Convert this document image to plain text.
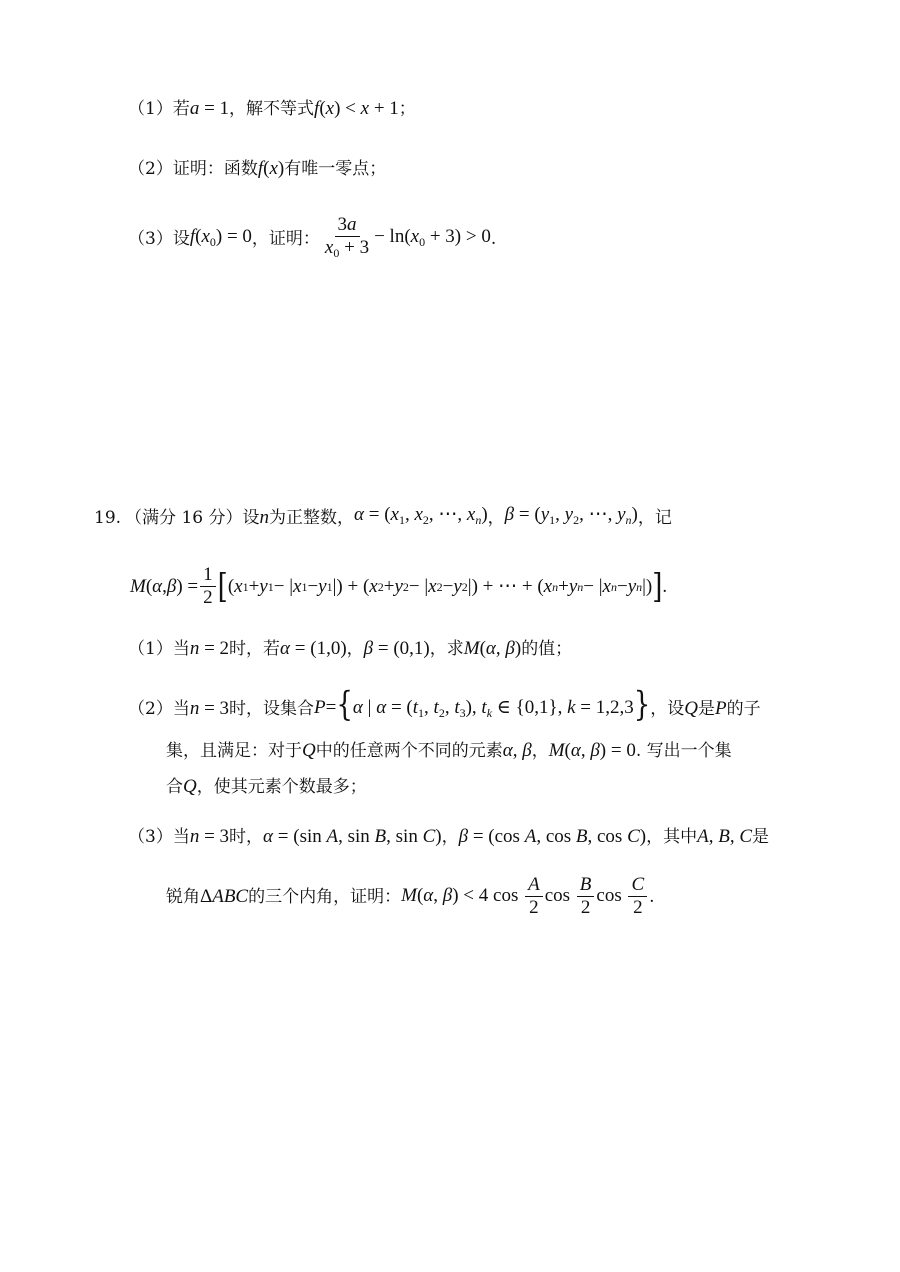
（1）若 a = 1 ，解不等式 f(x) < x + 1 ；
（2）证明：函数 f(x) 有唯一零点；
（3）设 $f(x_0) = 0$ ，证明： $\frac{3a}{x_0 + 3} - \ln(x_0 + 3) > 0$ .
19. （满分 16 分）设 n 为正整数， $\alpha = (x_1$, $x_2$, ⋯, $x_n$) ， $\beta = (y_1$, $y_2$, ⋯, $y_n$) ，记
M ( α , β ) = $\frac{1}{2}$ [ ( x 1 + y 1 − | x 1 − y 1 |) + ( x 2 + y 2 − | x 2 − y 2 |) + ⋯ + ( x n + y n − | x n − y n |) ] .
（1）当 n = 2 时，若 α = (1,0) ， β = (0,1) ，求 M(α, β) 的值；
（2）当 n = 3 时，设集合 P={α | $\alpha = (t_1$, $t_2$, $t_3$), $t_k$ ∈ {0,1}, k = 1,2,3} ，设 Q 是 P 的子
集，且满足：对于 Q 中的任意两个不同的元素 α, β ， M(α, β) = 0 . 写出一个集
合 Q ，使其元素个数最多；
（3）当 n = 3 时， α = (sin A, sin B, sin C) ， β = (cos A, cos B, cos C) ，其中 A, B, C 是
锐角 ΔABC 的三个内角，证明： M(α, β) < 4 $\cos \frac{A}{2}$ $\cos \frac{B}{2}$ $\cos \frac{C}{2}$ .
